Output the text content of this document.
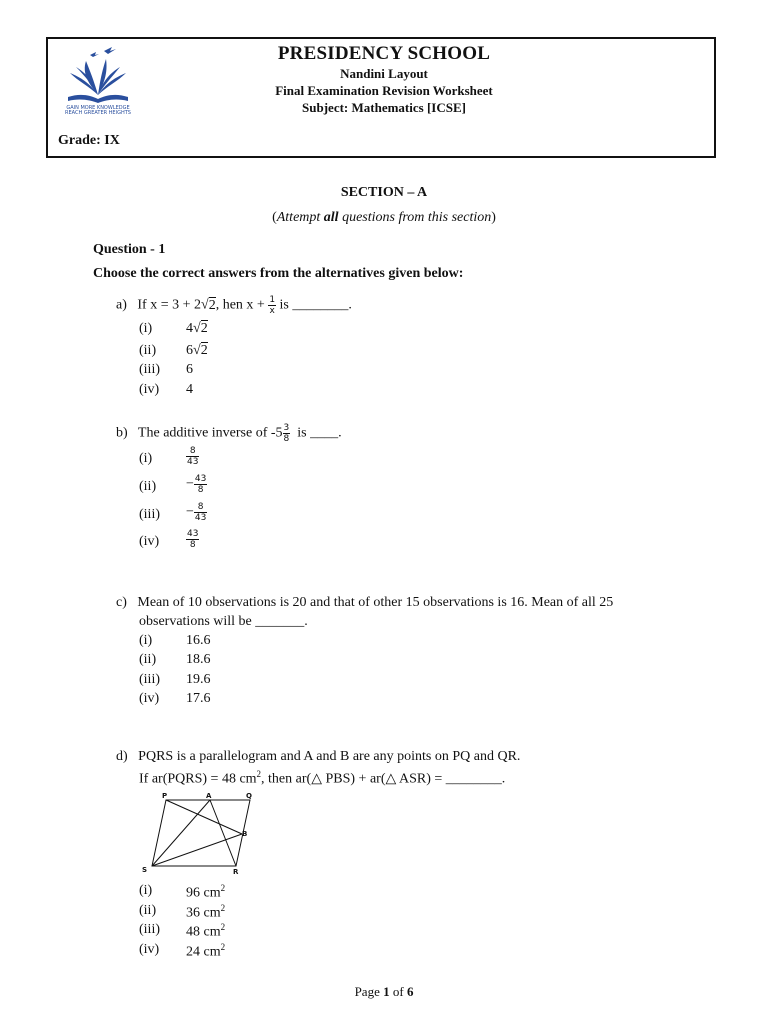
GAIN MORE KNOWLEDGE
REACH GREATER HEIGHTS
PRESIDENCY SCHOOL
Nandini Layout
Final Examination Revision Worksheet
Subject: Mathematics [ICSE]
Grade: IX
SECTION – A
(Attempt all questions from this section)
Question - 1
Choose the correct answers from the alternatives given below:
a) If x = 3 + 2√2, hen $x + \frac{1}{x}$ is ________.
(i) 4√2
(ii) 6√2
(iii) 6
(iv) 4
b) The additive inverse of $-5 \frac{3}{8}$ is ____.
(i)	$\frac{8}{43}$
$(ii) - \frac{43}{8}$
$(iii) - \frac{8}{43}$
(iv)	$\frac{43}{8}$
c) Mean of 10 observations is 20 and that of other 15 observations is 16. Mean of all 25
observations will be _______.
(i) 16.6
(ii) 18.6
(iii) 19.6
(iv) 17.6
d) PQRS is a parallelogram and A and B are any points on PQ and QR.
If ar(PQRS) = 48 $cm^2$, then ar(△ PBS) + ar(△ ASR) = ________.
P	A	Q
B
S	R
(i) 96 $cm^2$
(ii) 36 $cm^2$
(iii) 48 $cm^2$
(iv) 24 $cm^2$
Page 1 of 6
